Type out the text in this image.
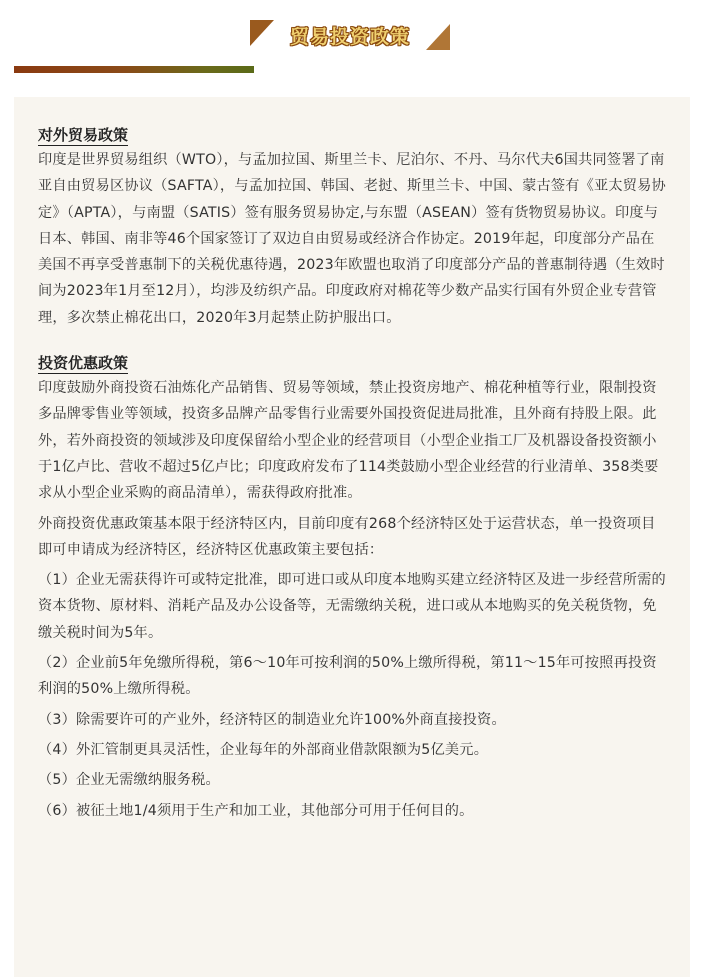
贸易投资政策

对外贸易政策

印度是世界贸易组织（WTO），与孟加拉国、斯里兰卡、尼泊尔、不丹、马尔代夫6国共同签署了南亚自由贸易区协议（SAFTA），与孟加拉国、韩国、老挝、斯里兰卡、中国、蒙古签有《亚太贸易协定》（APTA），与南盟（SATIS）签有服务贸易协定,与东盟（ASEAN）签有货物贸易协议。印度与日本、韩国、南非等46个国家签订了双边自由贸易或经济合作协定。2019年起，印度部分产品在美国不再享受普惠制下的关税优惠待遇，2023年欧盟也取消了印度部分产品的普惠制待遇（生效时间为2023年1月至12月），均涉及纺织产品。印度政府对棉花等少数产品实行国有外贸企业专营管理，多次禁止棉花出口，2020年3月起禁止防护服出口。

投资优惠政策

印度鼓励外商投资石油炼化产品销售、贸易等领域，禁止投资房地产、棉花种植等行业，限制投资多品牌零售业等领域，投资多品牌产品零售行业需要外国投资促进局批准，且外商有持股上限。此外，若外商投资的领域涉及印度保留给小型企业的经营项目（小型企业指工厂及机器设备投资额小于1亿卢比、营收不超过5亿卢比；印度政府发布了114类鼓励小型企业经营的行业清单、358类要求从小型企业采购的商品清单），需获得政府批准。

外商投资优惠政策基本限于经济特区内，目前印度有268个经济特区处于运营状态，单一投资项目即可申请成为经济特区，经济特区优惠政策主要包括：

（1）企业无需获得许可或特定批准，即可进口或从印度本地购买建立经济特区及进一步经营所需的资本货物、原材料、消耗产品及办公设备等，无需缴纳关税，进口或从本地购买的免关税货物，免缴关税时间为5年。

（2）企业前5年免缴所得税，第6～10年可按利润的50%上缴所得税，第11～15年可按照再投资利润的50%上缴所得税。

（3）除需要许可的产业外，经济特区的制造业允许100%外商直接投资。

（4）外汇管制更具灵活性，企业每年的外部商业借款限额为5亿美元。

（5）企业无需缴纳服务税。

（6）被征土地1/4须用于生产和加工业，其他部分可用于任何目的。
